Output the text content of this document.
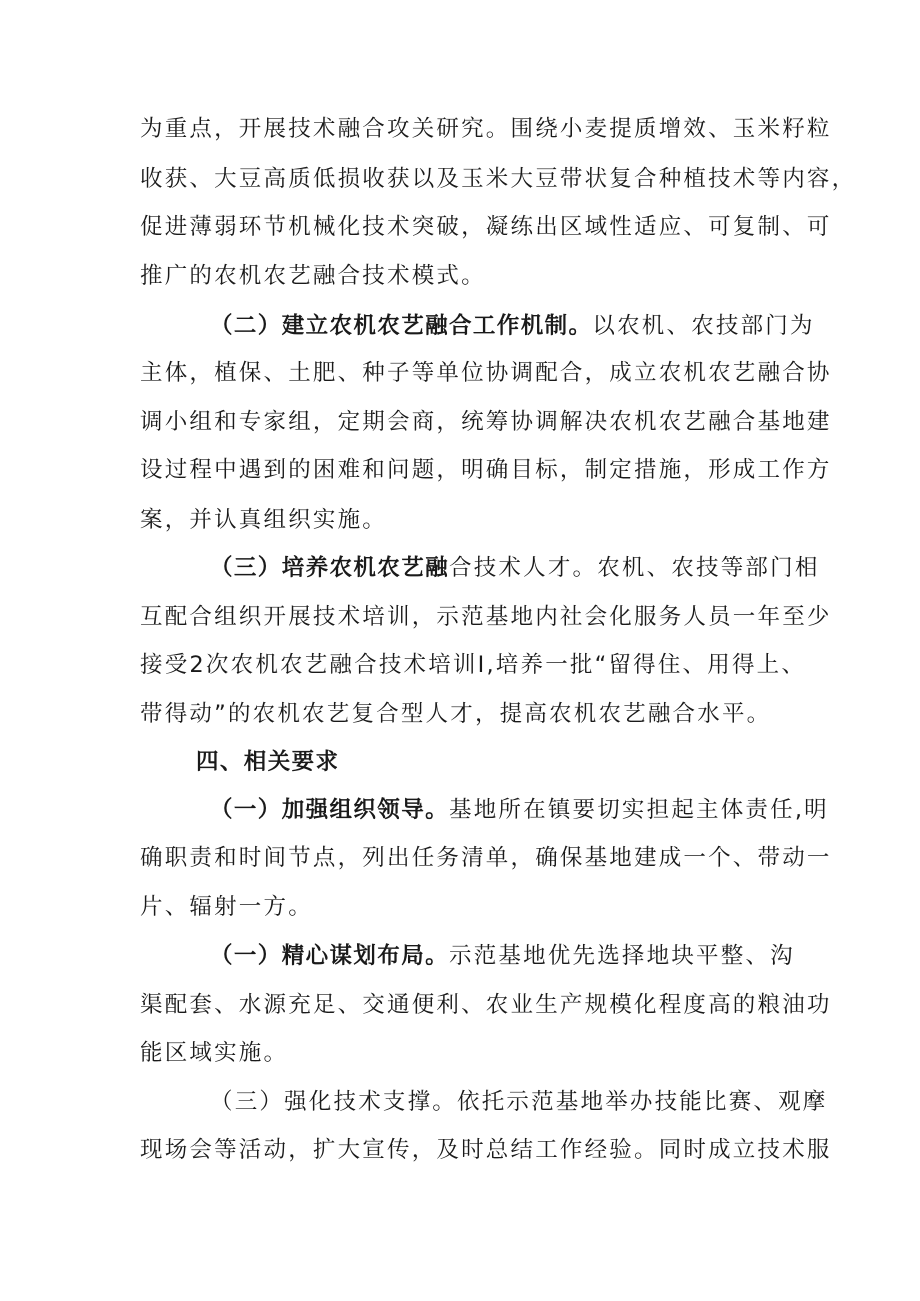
为重点，开展技术融合攻关研究。围绕小麦提质增效、玉米籽粒
收获、大豆高质低损收获以及玉米大豆带状复合种植技术等内容，
促进薄弱环节机械化技术突破，凝练出区域性适应、可复制、可
推广的农机农艺融合技术模式。
（二）建立农机农艺融合工作机制。以农机、农技部门为
主体，植保、土肥、种子等单位协调配合，成立农机农艺融合协
调小组和专家组，定期会商，统筹协调解决农机农艺融合基地建
设过程中遇到的困难和问题，明确目标，制定措施，形成工作方
案，并认真组织实施。
（三）培养农机农艺融合技术人才。农机、农技等部门相
互配合组织开展技术培训，示范基地内社会化服务人员一年至少
接受2次农机农艺融合技术培训I,培养一批“留得住、用得上、
带得动”的农机农艺复合型人才，提高农机农艺融合水平。
四、相关要求
（一）加强组织领导。基地所在镇要切实担起主体责任,明
确职责和时间节点，列出任务清单，确保基地建成一个、带动一
片、辐射一方。
（一）精心谋划布局。示范基地优先选择地块平整、沟
渠配套、水源充足、交通便利、农业生产规模化程度高的粮油功
能区域实施。
（三）强化技术支撑。依托示范基地举办技能比赛、观摩
现场会等活动，扩大宣传，及时总结工作经验。同时成立技术服
